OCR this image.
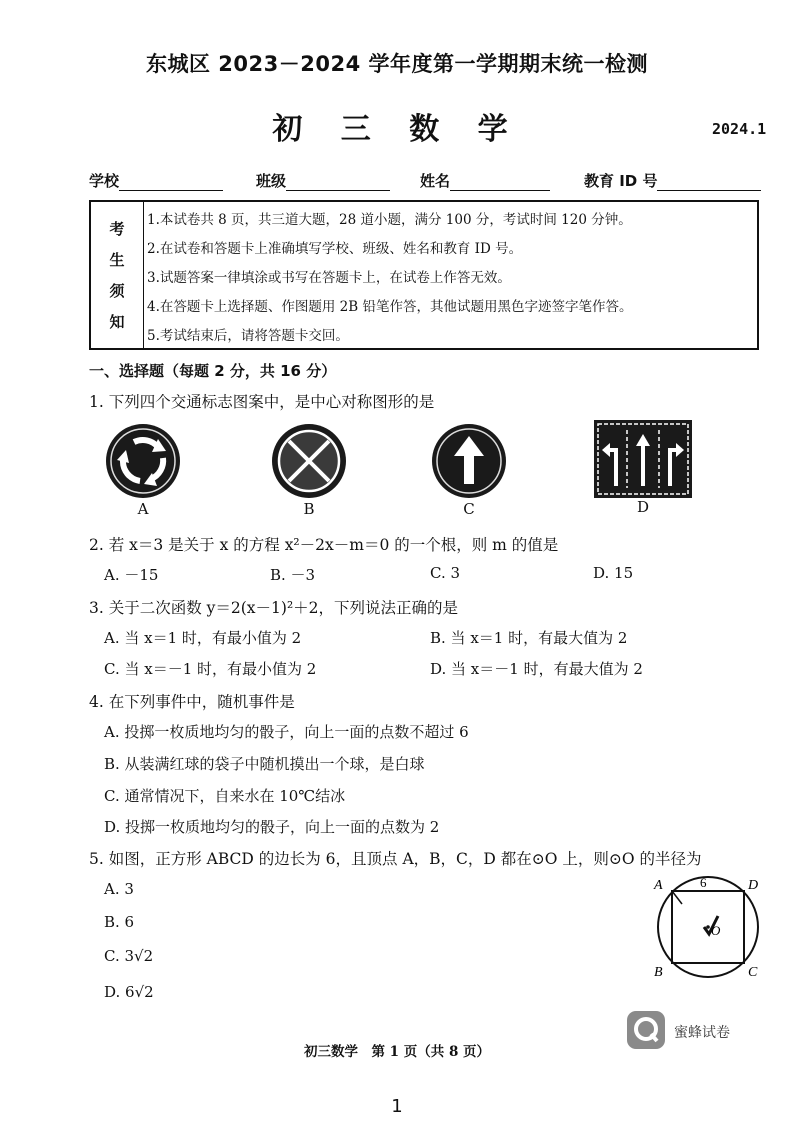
东城区 2023－2024 学年度第一学期期末统一检测
初 三 数 学	2024.1
学校	班级	姓名	教育 ID 号
考
生
须
知
1.本试卷共 8 页，共三道大题，28 道小题，满分 100 分，考试时间 120 分钟。
2.在试卷和答题卡上准确填写学校、班级、姓名和教育 ID 号。
3.试题答案一律填涂或书写在答题卡上，在试卷上作答无效。
4.在答题卡上选择题、作图题用 2B 铅笔作答，其他试题用黑色字迹签字笔作答。
5.考试结束后，请将答题卡交回。
一、选择题（每题 2 分，共 16 分）
1. 下列四个交通标志图案中，是中心对称图形的是
A	B	C	D
2. 若 x＝3 是关于 x 的方程 x²－2x－m＝0 的一个根，则 m 的值是
A. －15	B. －3	C. 3	D. 15
3. 关于二次函数 y＝2(x－1)²＋2，下列说法正确的是
A. 当 x＝1 时，有最小值为 2	B. 当 x＝1 时，有最大值为 2
C. 当 x＝－1 时，有最小值为 2	D. 当 x＝－1 时，有最大值为 2
4. 在下列事件中，随机事件是
A. 投掷一枚质地均匀的骰子，向上一面的点数不超过 6
B. 从装满红球的袋子中随机摸出一个球，是白球
C. 通常情况下，自来水在 10℃结冰
D. 投掷一枚质地均匀的骰子，向上一面的点数为 2
5. 如图，正方形 ABCD 的边长为 6，且顶点 A，B，C，D 都在⊙O 上，则⊙O 的半径为
A. 3
B. 6
C. 3√2
D. 6√2
A	D
B	C
O
6
蜜蜂试卷
初三数学　第 1 页（共 8 页）
1
